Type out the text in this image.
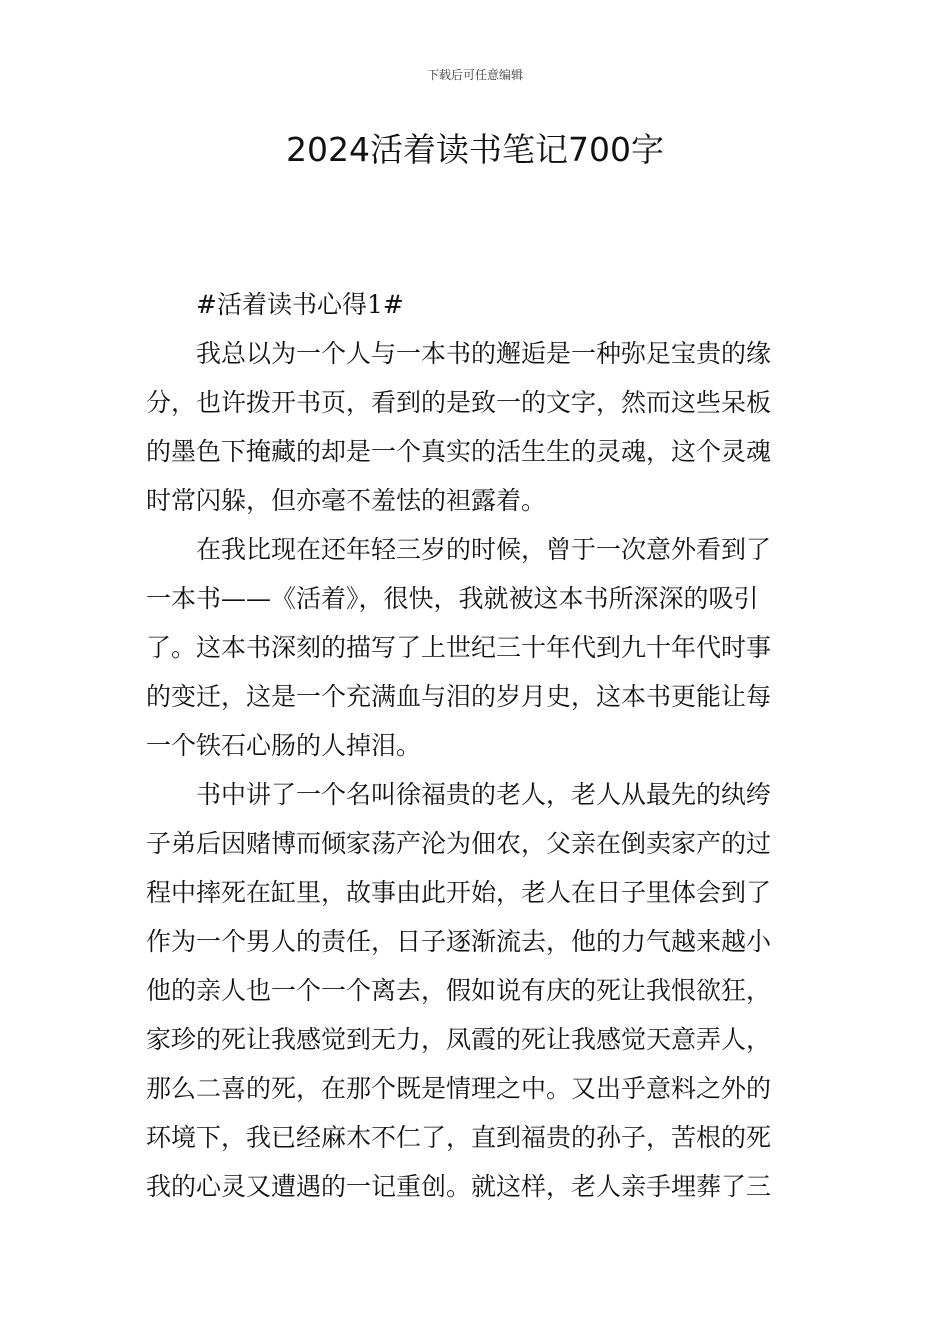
下载后可任意编辑
2024活着读书笔记700字
#活着读书心得1#
我总以为一个人与一本书的邂逅是一种弥足宝贵的缘
分，也许拨开书页，看到的是致一的文字，然而这些呆板
的墨色下掩藏的却是一个真实的活生生的灵魂，这个灵魂
时常闪躲，但亦毫不羞怯的袒露着。
在我比现在还年轻三岁的时候，曾于一次意外看到了
一本书——《活着》，很快，我就被这本书所深深的吸引
了。这本书深刻的描写了上世纪三十年代到九十年代时事
的变迁，这是一个充满血与泪的岁月史，这本书更能让每
一个铁石心肠的人掉泪。
书中讲了一个名叫徐福贵的老人，老人从最先的纨绔
子弟后因赌博而倾家荡产沦为佃农，父亲在倒卖家产的过
程中摔死在缸里，故事由此开始，老人在日子里体会到了
作为一个男人的责任，日子逐渐流去，他的力气越来越小
他的亲人也一个一个离去，假如说有庆的死让我恨欲狂，
家珍的死让我感觉到无力，凤霞的死让我感觉天意弄人，
那么二喜的死，在那个既是情理之中。又出乎意料之外的
环境下，我已经麻木不仁了，直到福贵的孙子，苦根的死
我的心灵又遭遇的一记重创。就这样，老人亲手埋葬了三
